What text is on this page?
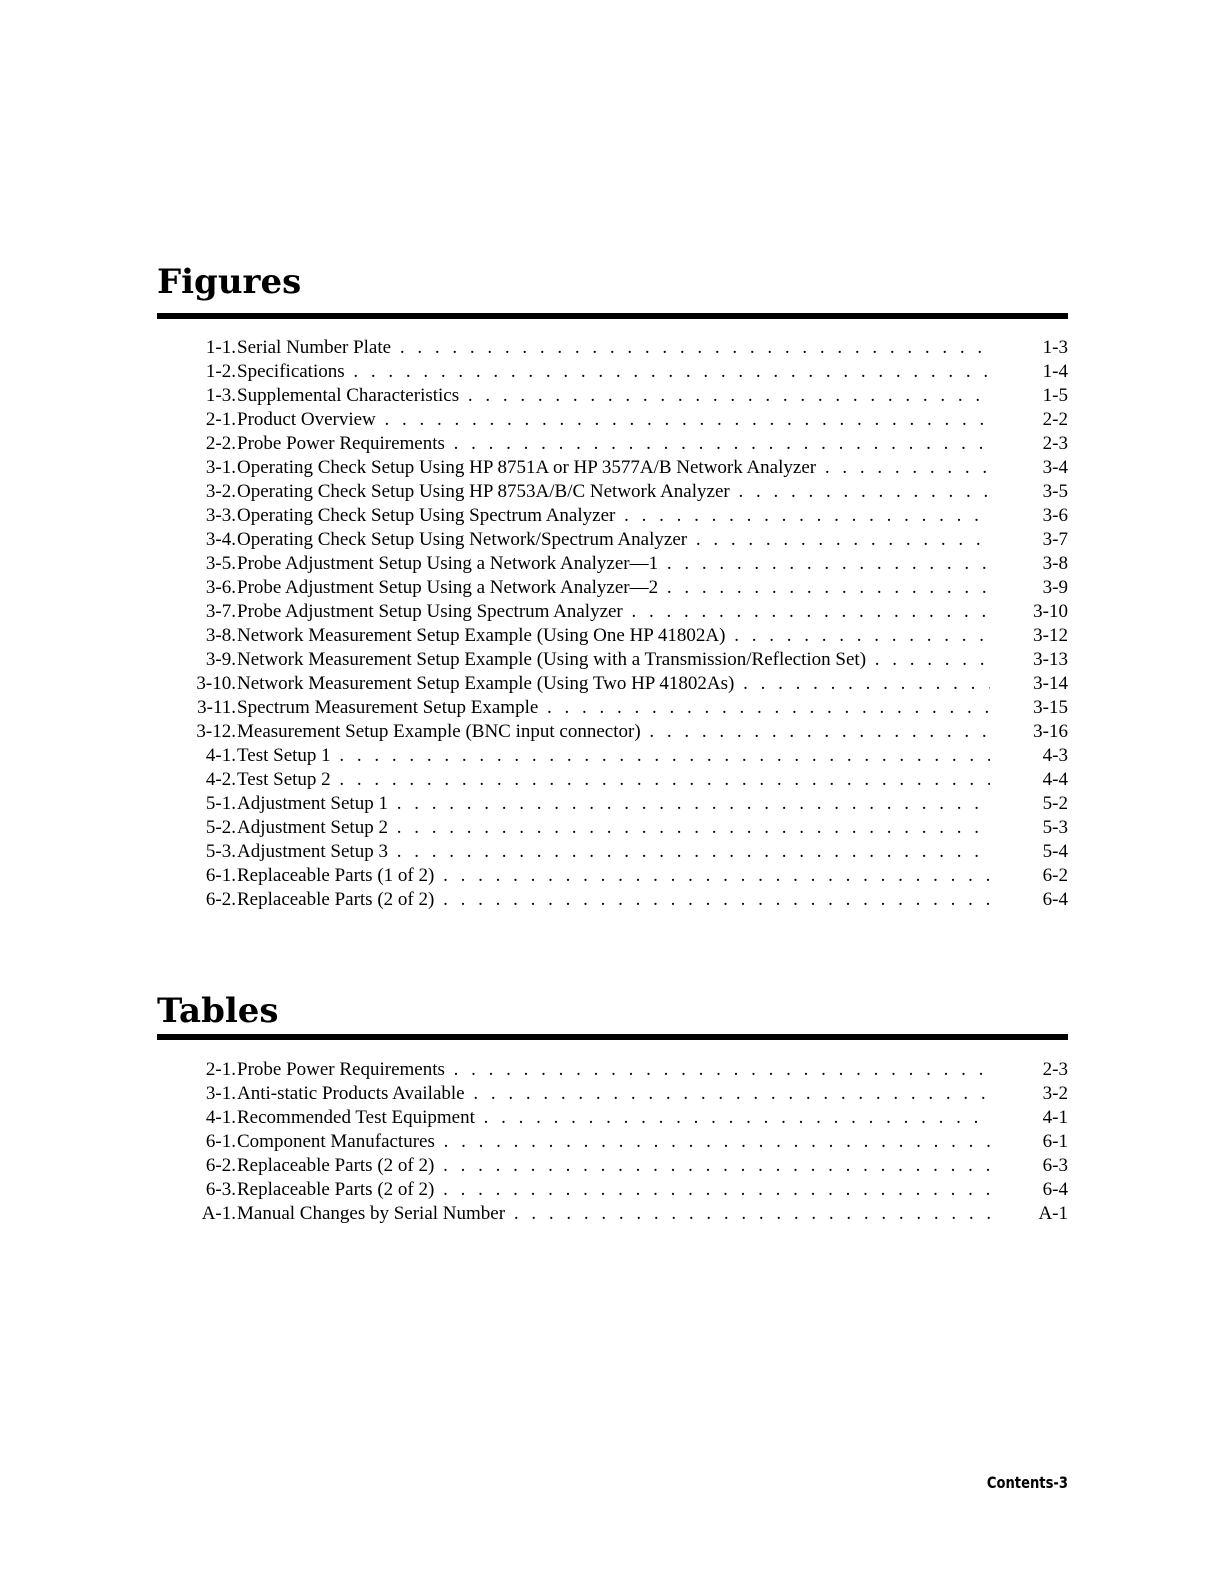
Figures
1-1. Serial Number Plate . . .	1-3
1-2. Specifications . . .	1-4
1-3. Supplemental Characteristics . . .	1-5
2-1. Product Overview . . .	2-2
2-2. Probe Power Requirements . . .	2-3
3-1. Operating Check Setup Using HP 8751A or HP 3577A/B Network Analyzer . . .	3-4
3-2. Operating Check Setup Using HP 8753A/B/C Network Analyzer . . .	3-5
3-3. Operating Check Setup Using Spectrum Analyzer . . .	3-6
3-4. Operating Check Setup Using Network/Spectrum Analyzer . . .	3-7
3-5. Probe Adjustment Setup Using a Network Analyzer—1 . . .	3-8
3-6. Probe Adjustment Setup Using a Network Analyzer—2 . . .	3-9
3-7. Probe Adjustment Setup Using Spectrum Analyzer . . .	3-10
3-8. Network Measurement Setup Example (Using One HP 41802A) . . .	3-12
3-9. Network Measurement Setup Example (Using with a Transmission/Reflection Set) . . .	3-13
3-10. Network Measurement Setup Example (Using Two HP 41802As) . . .	3-14
3-11. Spectrum Measurement Setup Example . . .	3-15
3-12. Measurement Setup Example (BNC input connector) . . .	3-16
4-1. Test Setup 1 . . .	4-3
4-2. Test Setup 2 . . .	4-4
5-1. Adjustment Setup 1 . . .	5-2
5-2. Adjustment Setup 2 . . .	5-3
5-3. Adjustment Setup 3 . . .	5-4
6-1. Replaceable Parts (1 of 2) . . .	6-2
6-2. Replaceable Parts (2 of 2) . . .	6-4
Tables
2-1. Probe Power Requirements . . .	2-3
3-1. Anti-static Products Available . . .	3-2
4-1. Recommended Test Equipment . . .	4-1
6-1. Component Manufactures . . .	6-1
6-2. Replaceable Parts (2 of 2) . . .	6-3
6-3. Replaceable Parts (2 of 2) . . .	6-4
A-1. Manual Changes by Serial Number . . .	A-1
Contents-3
